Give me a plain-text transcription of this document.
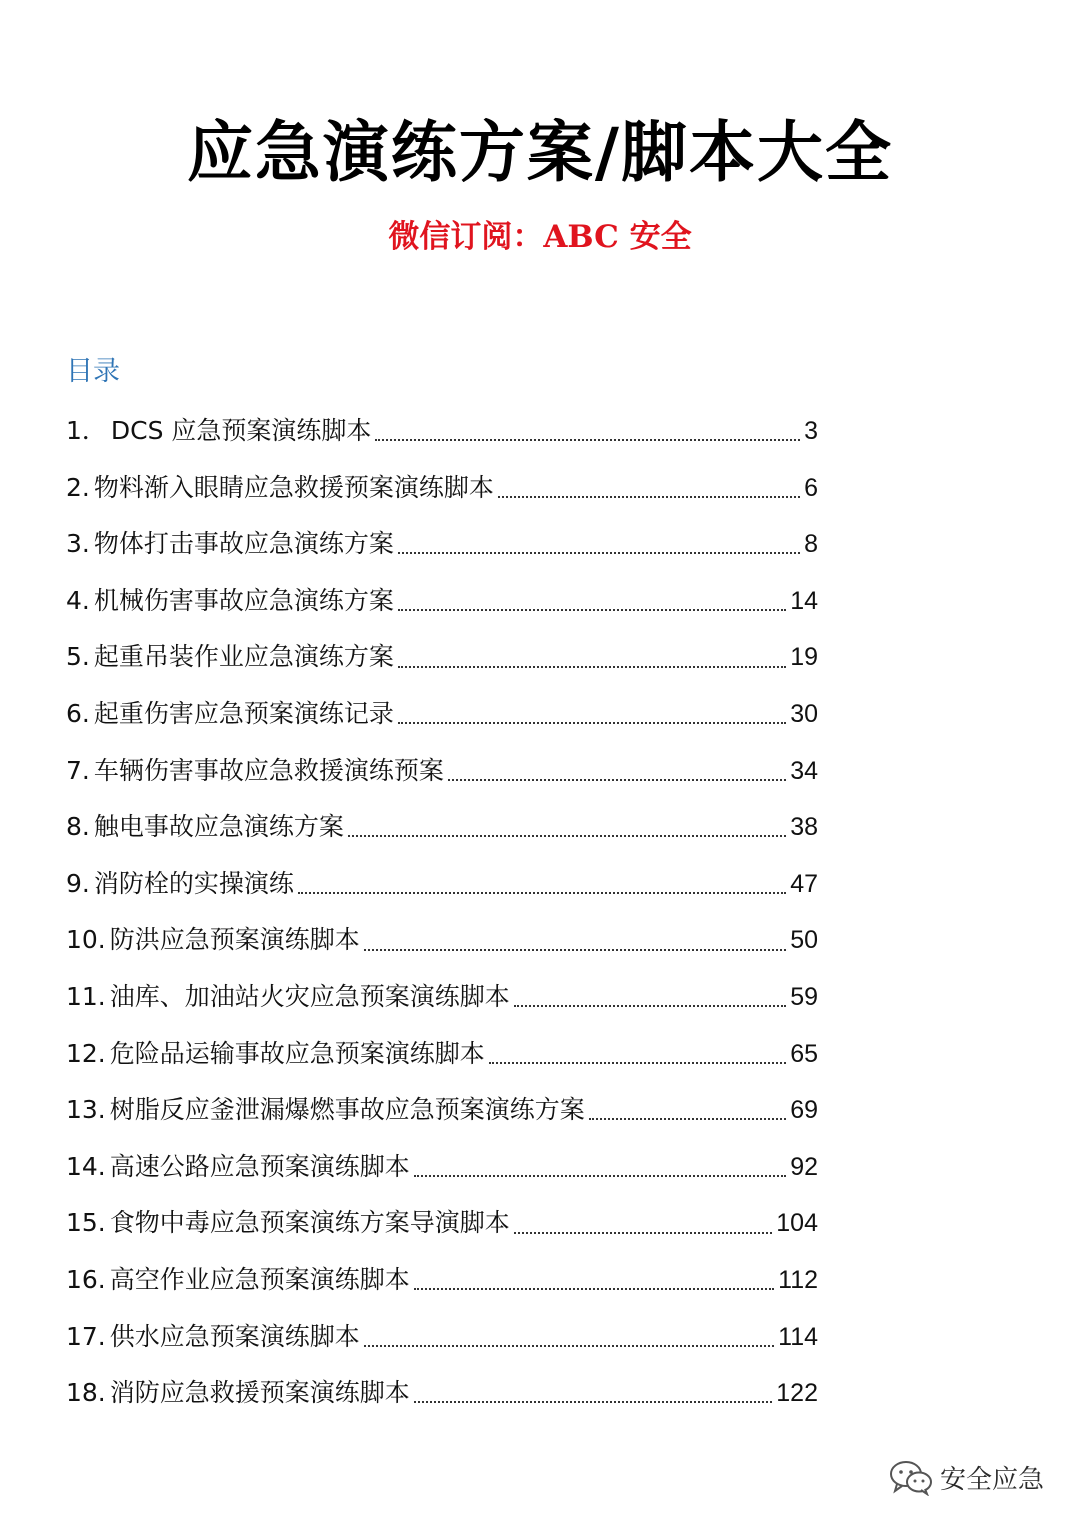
应急演练方案/脚本大全
微信订阅：ABC 安全
目录
1． DCS 应急预案演练脚本	3
2. 物料渐入眼睛应急救援预案演练脚本	6
3. 物体打击事故应急演练方案	8
4. 机械伤害事故应急演练方案	14
5. 起重吊装作业应急演练方案	19
6. 起重伤害应急预案演练记录	30
7. 车辆伤害事故应急救援演练预案	34
8. 触电事故应急演练方案	38
9. 消防栓的实操演练	47
10. 防洪应急预案演练脚本	50
11. 油库、加油站火灾应急预案演练脚本	59
12. 危险品运输事故应急预案演练脚本	65
13. 树脂反应釜泄漏爆燃事故应急预案演练方案	69
14. 高速公路应急预案演练脚本	92
15. 食物中毒应急预案演练方案导演脚本	104
16. 高空作业应急预案演练脚本	112
17. 供水应急预案演练脚本	114
18. 消防应急救援预案演练脚本	122
安全应急
